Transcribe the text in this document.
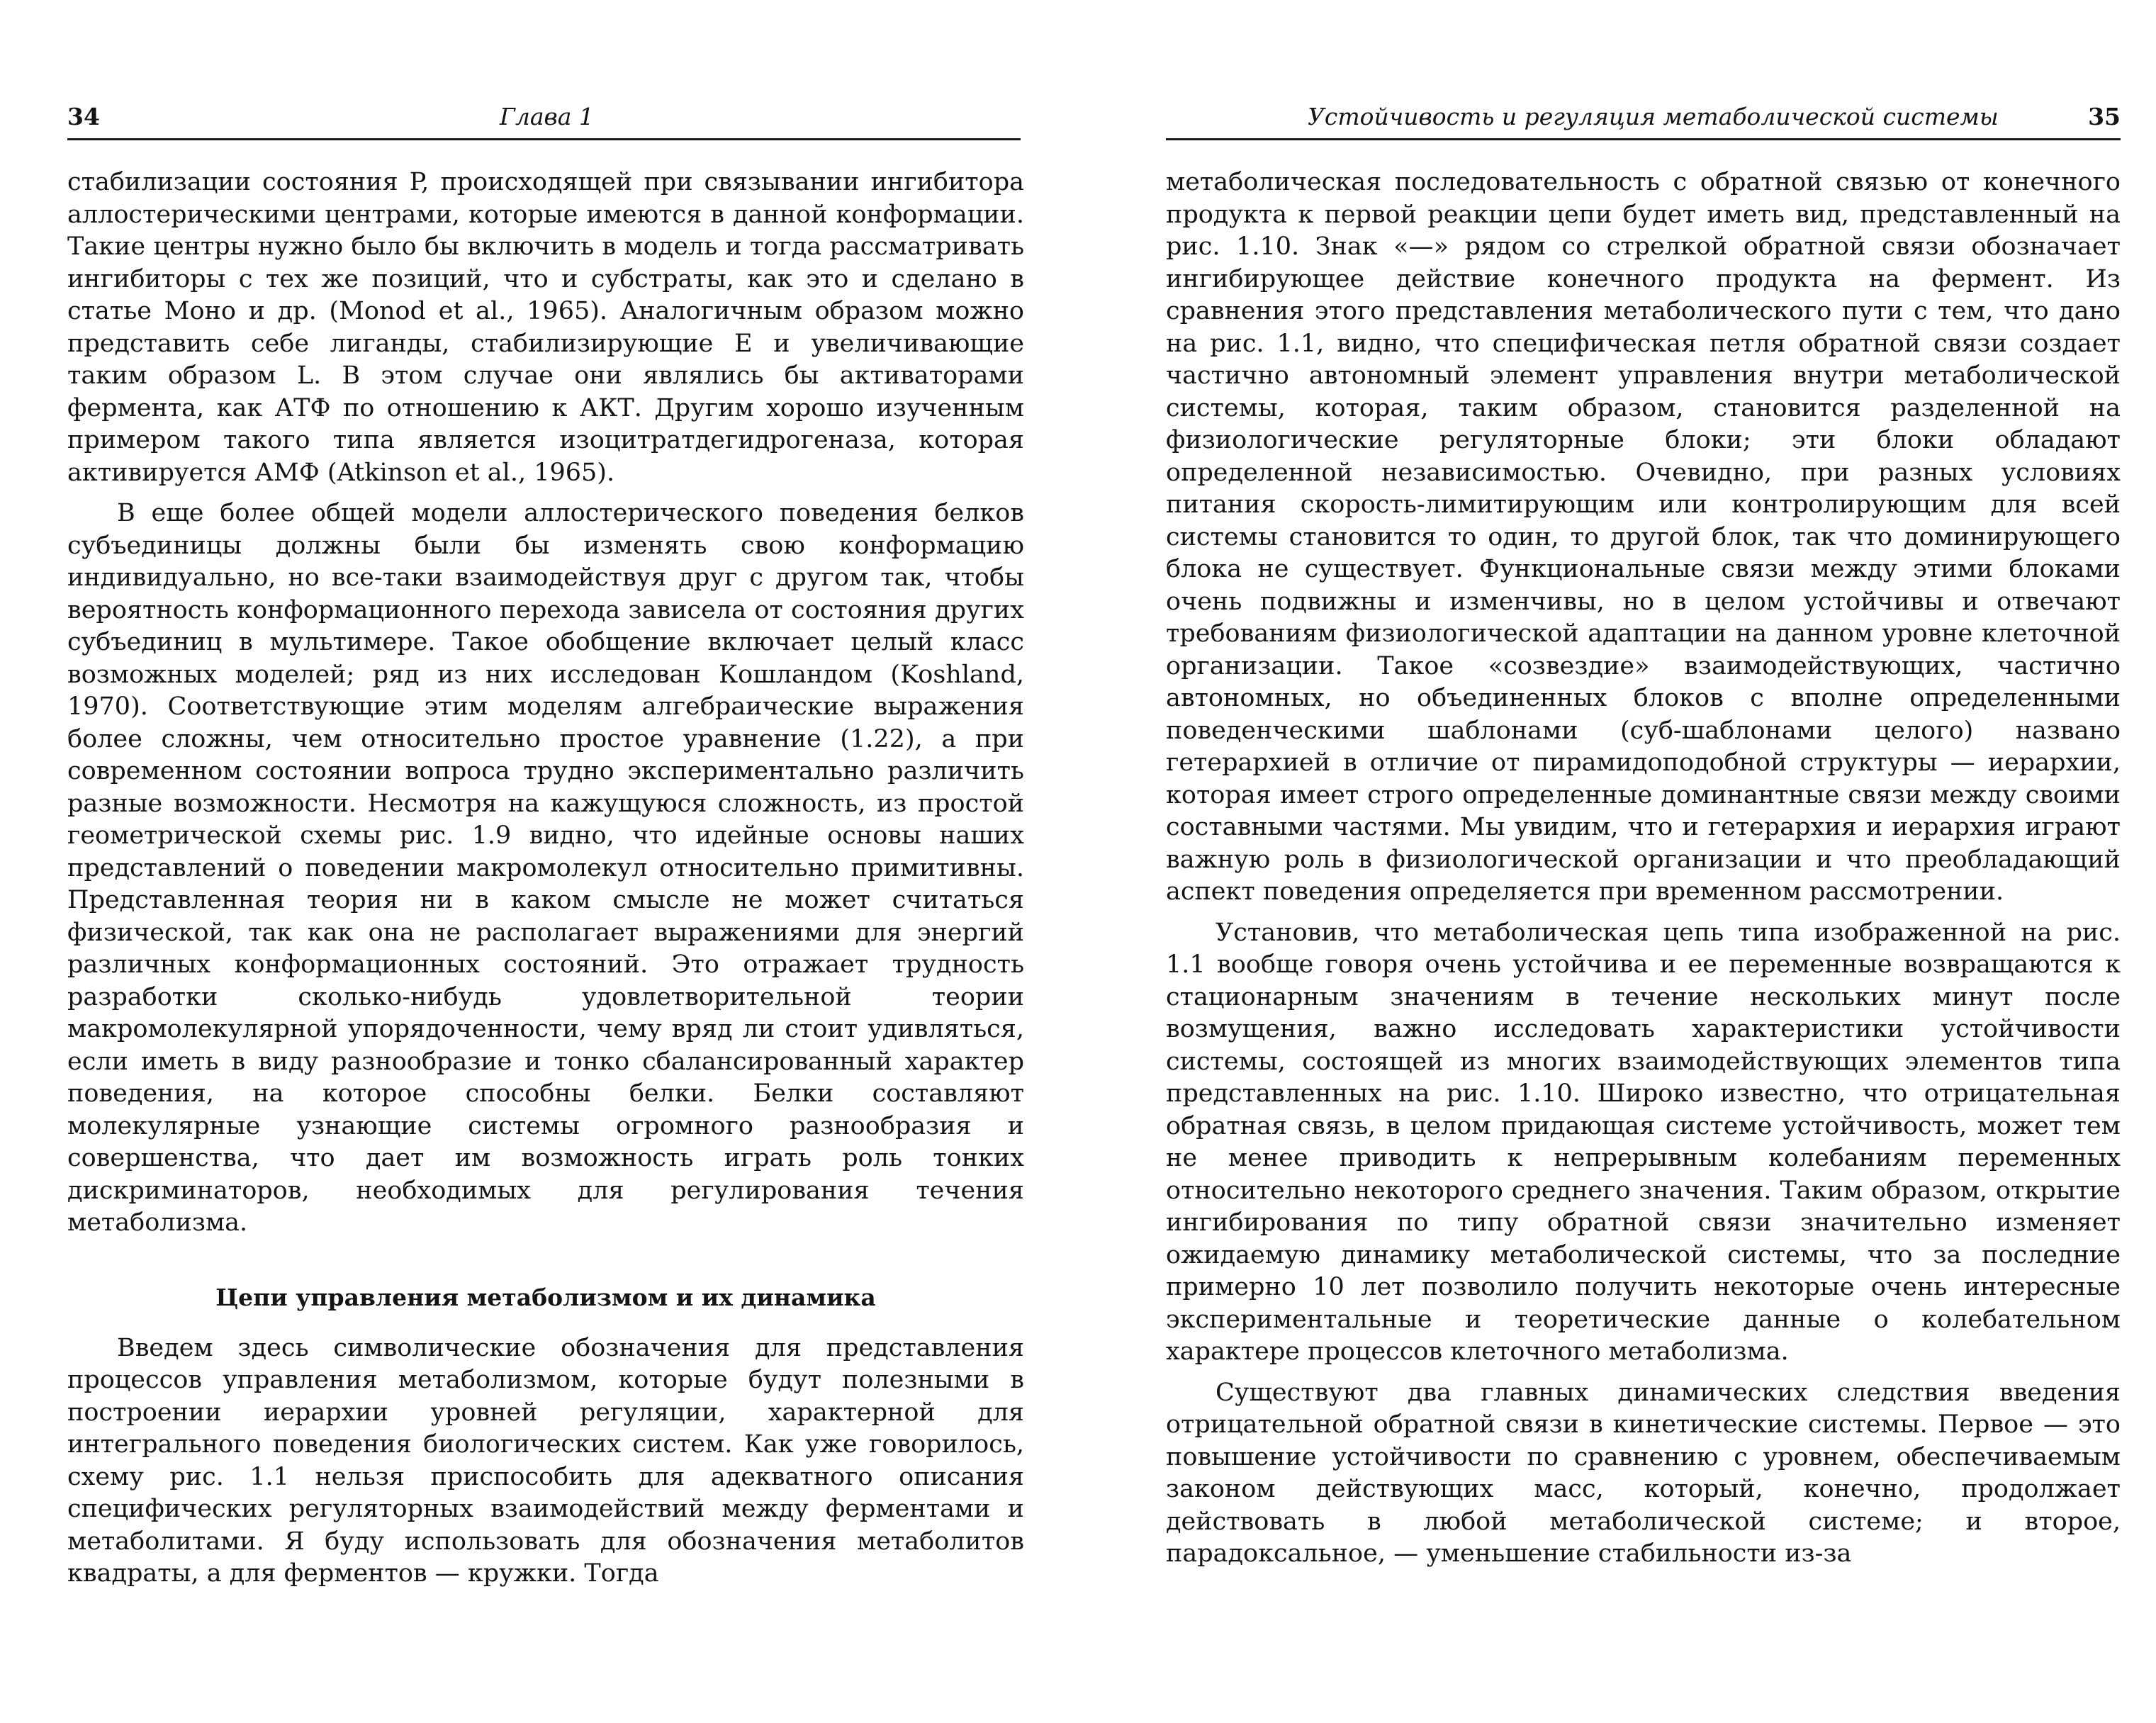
34	Глава 1

стабилизации состояния P, происходящей при связывании ингибитора аллостерическими центрами, которые имеются в данной конформации. Такие центры нужно было бы включить в модель и тогда рассматривать ингибиторы с тех же позиций, что и субстраты, как это и сделано в статье Моно и др. (Monod et al., 1965). Аналогичным образом можно представить себе лиганды, стабилизирующие E и увеличивающие таким образом L. В этом случае они являлись бы активаторами фермента, как АТФ по отношению к АКТ. Другим хорошо изученным примером такого типа является изоцитратдегидрогеназа, которая активируется АМФ (Atkinson et al., 1965).

В еще более общей модели аллостерического поведения белков субъединицы должны были бы изменять свою конформацию индивидуально, но все-таки взаимодействуя друг с другом так, чтобы вероятность конформационного перехода зависела от состояния других субъединиц в мультимере. Такое обобщение включает целый класс возможных моделей; ряд из них исследован Кошландом (Koshland, 1970). Соответствующие этим моделям алгебраические выражения более сложны, чем относительно простое уравнение (1.22), а при современном состоянии вопроса трудно экспериментально различить разные возможности. Несмотря на кажущуюся сложность, из простой геометрической схемы рис. 1.9 видно, что идейные основы наших представлений о поведении макромолекул относительно примитивны. Представленная теория ни в каком смысле не может считаться физической, так как она не располагает выражениями для энергий различных конформационных состояний. Это отражает трудность разработки сколько-нибудь удовлетворительной теории макромолекулярной упорядоченности, чему вряд ли стоит удивляться, если иметь в виду разнообразие и тонко сбалансированный характер поведения, на которое способны белки. Белки составляют молекулярные узнающие системы огромного разнообразия и совершенства, что дает им возможность играть роль тонких дискриминаторов, необходимых для регулирования течения метаболизма.

Цепи управления метаболизмом и их динамика

Введем здесь символические обозначения для представления процессов управления метаболизмом, которые будут полезными в построении иерархии уровней регуляции, характерной для интегрального поведения биологических систем. Как уже говорилось, схему рис. 1.1 нельзя приспособить для адекватного описания специфических регуляторных взаимодействий между ферментами и метаболитами. Я буду использовать для обозначения метаболитов квадраты, а для ферментов — кружки. Тогда

Устойчивость и регуляция метаболической системы	35

метаболическая последовательность с обратной связью от конечного продукта к первой реакции цепи будет иметь вид, представленный на рис. 1.10. Знак «—» рядом со стрелкой обратной связи обозначает ингибирующее действие конечного продукта на фермент. Из сравнения этого представления метаболического пути с тем, что дано на рис. 1.1, видно, что специфическая петля обратной связи создает частично автономный элемент управления внутри метаболической системы, которая, таким образом, становится разделенной на физиологические регуляторные блоки; эти блоки обладают определенной независимостью. Очевидно, при разных условиях питания скорость-лимитирующим или контролирующим для всей системы становится то один, то другой блок, так что доминирующего блока не существует. Функциональные связи между этими блоками очень подвижны и изменчивы, но в целом устойчивы и отвечают требованиям физиологической адаптации на данном уровне клеточной организации. Такое «созвездие» взаимодействующих, частично автономных, но объединенных блоков с вполне определенными поведенческими шаблонами (суб-шаблонами целого) названо гетерархией в отличие от пирамидоподобной структуры — иерархии, которая имеет строго определенные доминантные связи между своими составными частями. Мы увидим, что и гетерархия и иерархия играют важную роль в физиологической организации и что преобладающий аспект поведения определяется при временном рассмотрении.

Установив, что метаболическая цепь типа изображенной на рис. 1.1 вообще говоря очень устойчива и ее переменные возвращаются к стационарным значениям в течение нескольких минут после возмущения, важно исследовать характеристики устойчивости системы, состоящей из многих взаимодействующих элементов типа представленных на рис. 1.10. Широко известно, что отрицательная обратная связь, в целом придающая системе устойчивость, может тем не менее приводить к непрерывным колебаниям переменных относительно некоторого среднего значения. Таким образом, открытие ингибирования по типу обратной связи значительно изменяет ожидаемую динамику метаболической системы, что за последние примерно 10 лет позволило получить некоторые очень интересные экспериментальные и теоретические данные о колебательном характере процессов клеточного метаболизма.

Существуют два главных динамических следствия введения отрицательной обратной связи в кинетические системы. Первое — это повышение устойчивости по сравнению с уровнем, обеспечиваемым законом действующих масс, который, конечно, продолжает действовать в любой метаболической системе; и второе, парадоксальное, — уменьшение стабильности из-за
